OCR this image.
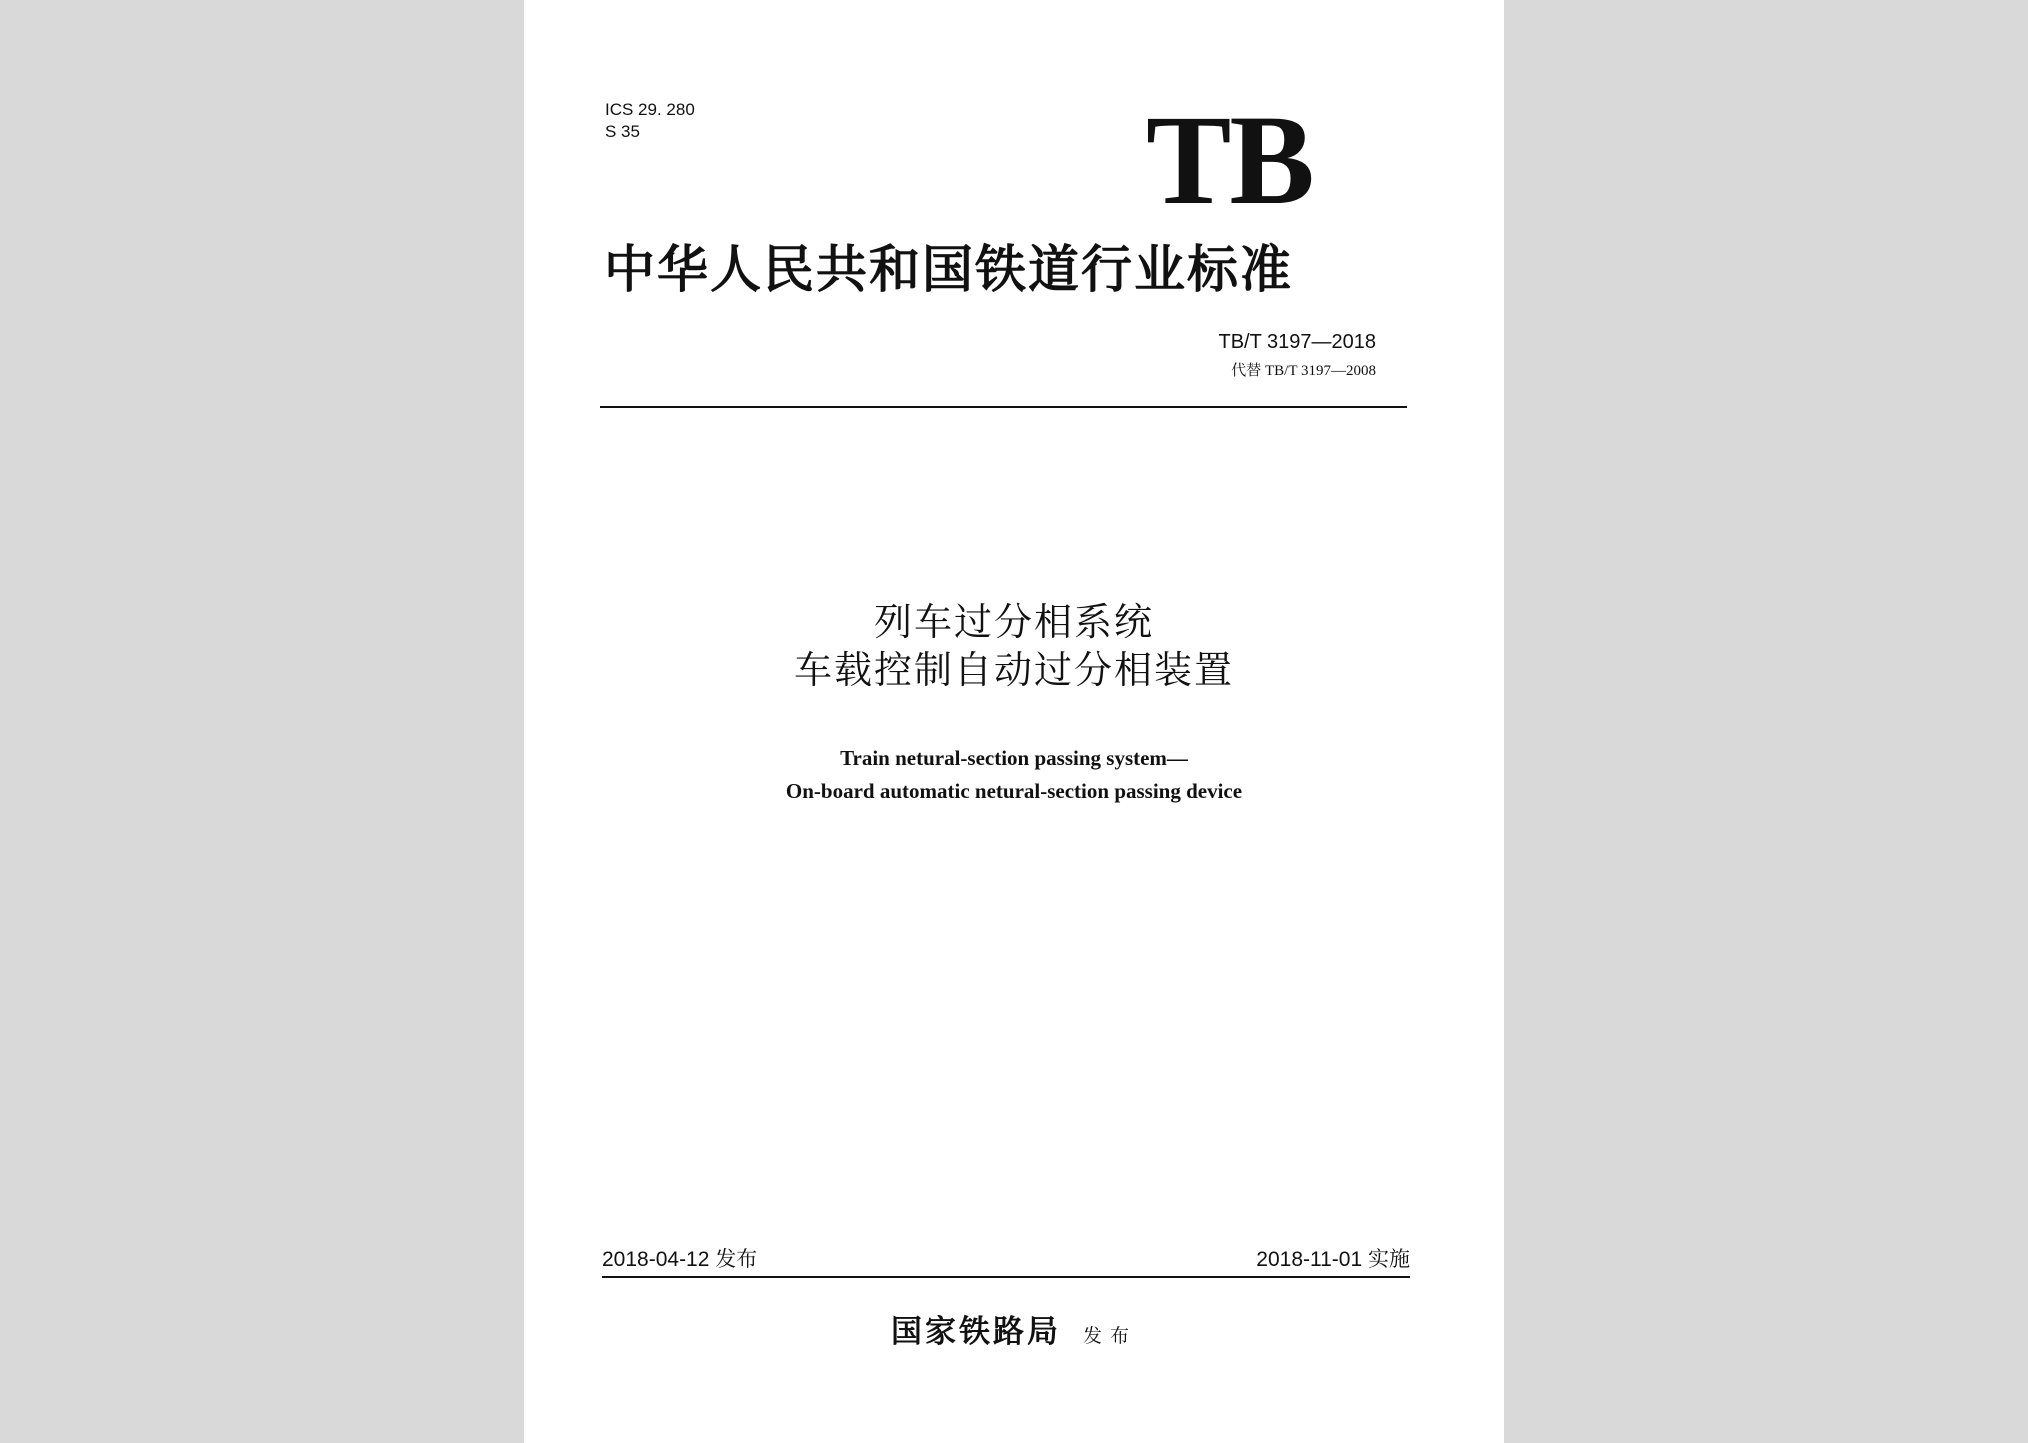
ICS 29. 280
S 35	TB
中华人民共和国铁道行业标准
TB/T 3197—2018
代替 TB/T 3197—2008
列车过分相系统
车载控制自动过分相装置
Train netural-section passing system—
On-board automatic netural-section passing device
2018-04-12 发布	2018-11-01 实施
国家铁路局 发布
